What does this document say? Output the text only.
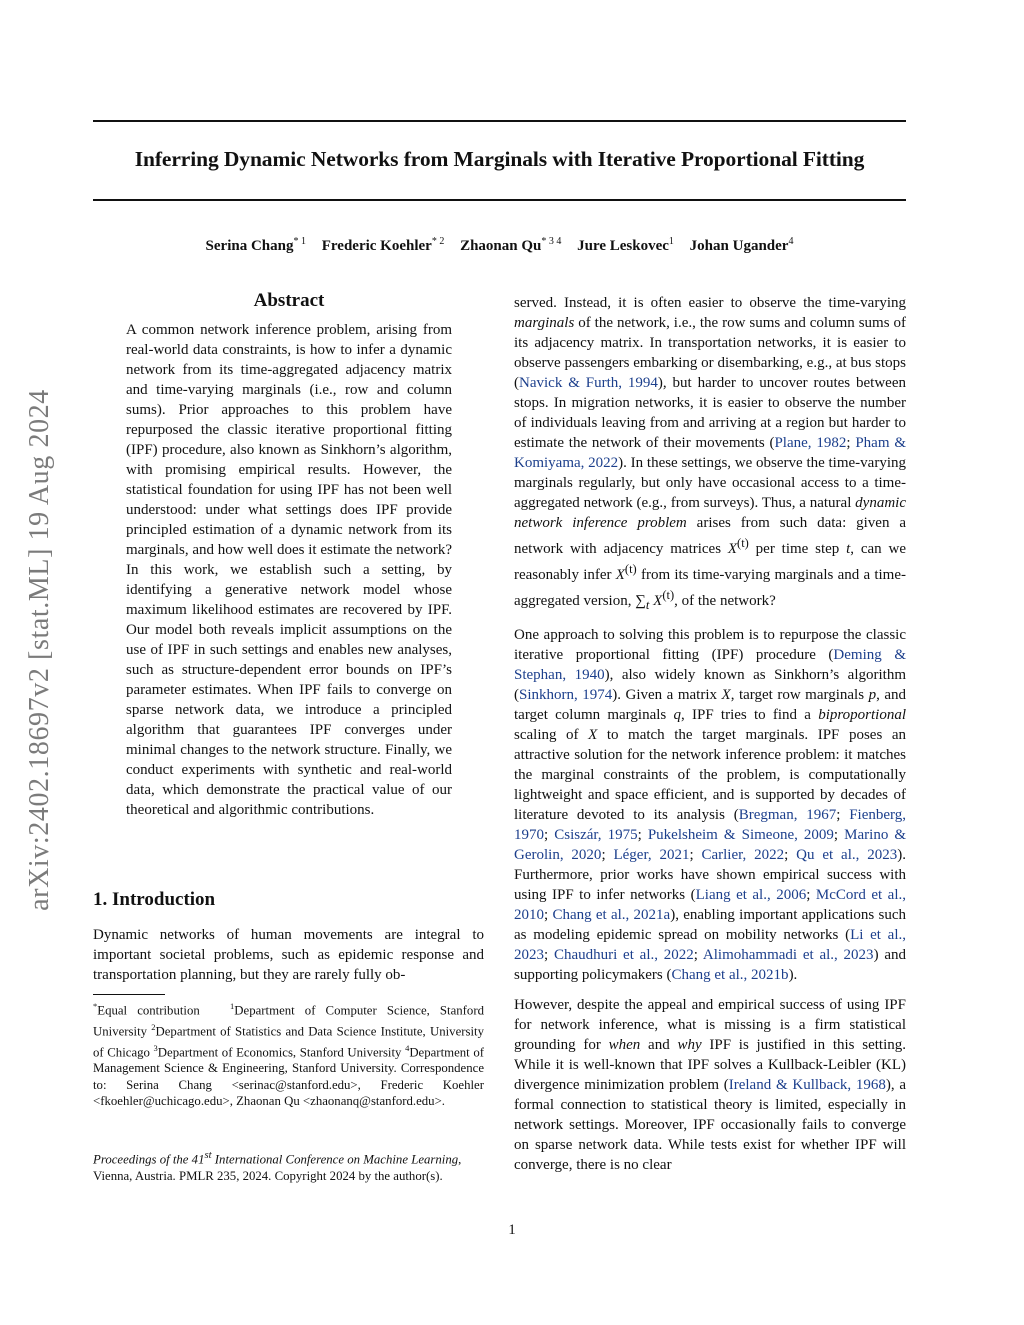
Inferring Dynamic Networks from Marginals with Iterative Proportional Fitting
Serina Chang$^{* 1}$ Frederic Koehler$^{* 2}$ Zhaonan $Qu^{* 3 4}$ Jure Leskovec$^1$ Johan Ugander$^4$
arXiv:2402.18697v2 [stat.ML] 19 Aug 2024
Abstract

A common network inference problem, arising from real-world data constraints, is how to infer a dynamic network from its time-aggregated adjacency matrix and time-varying marginals (i.e., row and column sums). Prior approaches to this problem have repurposed the classic iterative proportional fitting (IPF) procedure, also known as Sinkhorn’s algorithm, with promising empirical results. However, the statistical foundation for using IPF has not been well understood: under what settings does IPF provide principled estimation of a dynamic network from its marginals, and how well does it estimate the network? In this work, we establish such a setting, by identifying a generative network model whose maximum likelihood estimates are recovered by IPF. Our model both reveals implicit assumptions on the use of IPF in such settings and enables new analyses, such as structure-dependent error bounds on IPF’s parameter estimates. When IPF fails to converge on sparse network data, we introduce a principled algorithm that guarantees IPF converges under minimal changes to the network structure. Finally, we conduct experiments with synthetic and real-world data, which demonstrate the practical value of our theoretical and algorithmic contributions.

1. Introduction

Dynamic networks of human movements are integral to important societal problems, such as epidemic response and transportation planning, but they are rarely fully ob-

*Equal contribution	$^1$Department of Computer Science, Stanford University $^2$Department of Statistics and Data Science Institute, University of Chicago $^3$Department of Economics, Stanford University $^4$Department of Management Science & Engineering, Stanford University. Correspondence to: Serina Chang <serinac@stanford.edu>, Frederic Koehler <fkoehler@uchicago.edu>, Zhaonan Qu <zhaonanq@stanford.edu>.
Proceedings of the 41st International Conference on Machine Learning, Vienna, Austria. PMLR 235, 2024. Copyright 2024 by the author(s).

served. Instead, it is often easier to observe the time-varying marginals of the network, i.e., the row sums and column sums of its adjacency matrix. In transportation networks, it is easier to observe passengers embarking or disembarking, e.g., at bus stops (Navick & Furth, 1994), but harder to uncover routes between stops. In migration networks, it is easier to observe the number of individuals leaving from and arriving at a region but harder to estimate the network of their movements (Plane, 1982; Pham & Komiyama, 2022). In these settings, we observe the time-varying marginals regularly, but only have occasional access to a time-aggregated network (e.g., from surveys). Thus, a natural dynamic network inference problem arises from such data: given a network with adjacency matrices $X^{(t)}$ per time step t, can we reasonably infer $X^{(t)}$ from its time-varying marginals and a time-aggregated version, $\sum_t$ $X^{(t)}$, of the network?

One approach to solving this problem is to repurpose the classic iterative proportional fitting (IPF) procedure (Deming & Stephan, 1940), also widely known as Sinkhorn’s algorithm (Sinkhorn, 1974). Given a matrix X, target row marginals p, and target column marginals q, IPF tries to find a biproportional scaling of X to match the target marginals. IPF poses an attractive solution for the network inference problem: it matches the marginal constraints of the problem, is computationally lightweight and space efficient, and is supported by decades of literature devoted to its analysis (Bregman, 1967; Fienberg, 1970; Csiszár, 1975; Pukelsheim & Simeone, 2009; Marino & Gerolin, 2020; Léger, 2021; Carlier, 2022; Qu et al., 2023). Furthermore, prior works have shown empirical success with using IPF to infer networks (Liang et al., 2006; McCord et al., 2010; Chang et al., 2021a), enabling important applications such as modeling epidemic spread on mobility networks (Li et al., 2023; Chaudhuri et al., 2022; Alimohammadi et al., 2023) and supporting policymakers (Chang et al., 2021b).

However, despite the appeal and empirical success of using IPF for network inference, what is missing is a firm statistical grounding for when and why IPF is justified in this setting. While it is well-known that IPF solves a Kullback-Leibler (KL) divergence minimization problem (Ireland & Kullback, 1968), a formal connection to statistical theory is limited, especially in network settings. Moreover, IPF occasionally fails to converge on sparse network data. While tests exist for whether IPF will converge, there is no clear

1
